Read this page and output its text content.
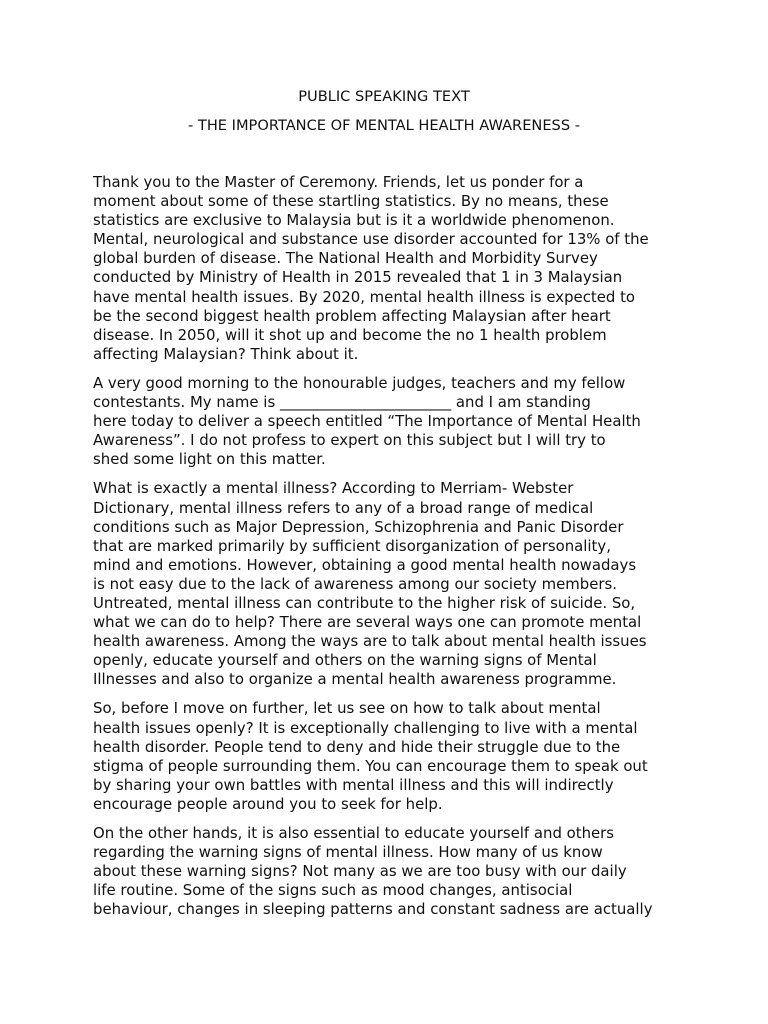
PUBLIC SPEAKING TEXT
- THE IMPORTANCE OF MENTAL HEALTH AWARENESS -

Thank you to the Master of Ceremony. Friends, let us ponder for a
moment about some of these startling statistics. By no means, these
statistics are exclusive to Malaysia but is it a worldwide phenomenon.
Mental, neurological and substance use disorder accounted for 13% of the
global burden of disease. The National Health and Morbidity Survey
conducted by Ministry of Health in 2015 revealed that 1 in 3 Malaysian
have mental health issues. By 2020, mental health illness is expected to
be the second biggest health problem affecting Malaysian after heart
disease. In 2050, will it shot up and become the no 1 health problem
affecting Malaysian? Think about it.

A very good morning to the honourable judges, teachers and my fellow
contestants. My name is _______________________ and I am standing
here today to deliver a speech entitled “The Importance of Mental Health
Awareness”. I do not profess to expert on this subject but I will try to
shed some light on this matter.

What is exactly a mental illness? According to Merriam- Webster
Dictionary, mental illness refers to any of a broad range of medical
conditions such as Major Depression, Schizophrenia and Panic Disorder
that are marked primarily by sufficient disorganization of personality,
mind and emotions. However, obtaining a good mental health nowadays
is not easy due to the lack of awareness among our society members.
Untreated, mental illness can contribute to the higher risk of suicide. So,
what we can do to help? There are several ways one can promote mental
health awareness. Among the ways are to talk about mental health issues
openly, educate yourself and others on the warning signs of Mental
Illnesses and also to organize a mental health awareness programme.

So, before I move on further, let us see on how to talk about mental
health issues openly? It is exceptionally challenging to live with a mental
health disorder. People tend to deny and hide their struggle due to the
stigma of people surrounding them. You can encourage them to speak out
by sharing your own battles with mental illness and this will indirectly
encourage people around you to seek for help.

On the other hands, it is also essential to educate yourself and others
regarding the warning signs of mental illness. How many of us know
about these warning signs? Not many as we are too busy with our daily
life routine. Some of the signs such as mood changes, antisocial
behaviour, changes in sleeping patterns and constant sadness are actually
